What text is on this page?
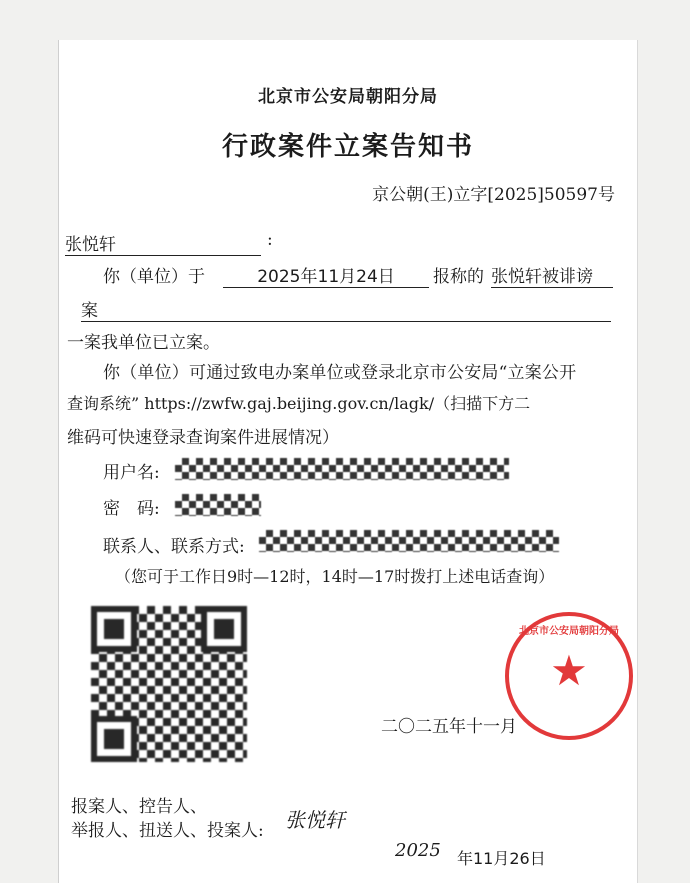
北京市公安局朝阳分局
行政案件立案告知书
京公朝(王)立字[2025]50597号
张悦轩	:
你（单位）于	2025年11月24日	报称的 张悦轩被诽谤
案
一案我单位已立案。
你（单位）可通过致电办案单位或登录北京市公安局“立案公开
查询系统” https://zwfw.gaj.beijing.gov.cn/lagk/（扫描下方二
维码可快速登录查询案件进展情况）
用户名:
密　码:
联系人、联系方式:
（您可于工作日9时—12时，14时—17时拨打上述电话查询）
二〇二五年十一月
北京市公安局朝阳分局
★
报案人、控告人、
举报人、扭送人、投案人: 张悦轩
2025 年11月26日
